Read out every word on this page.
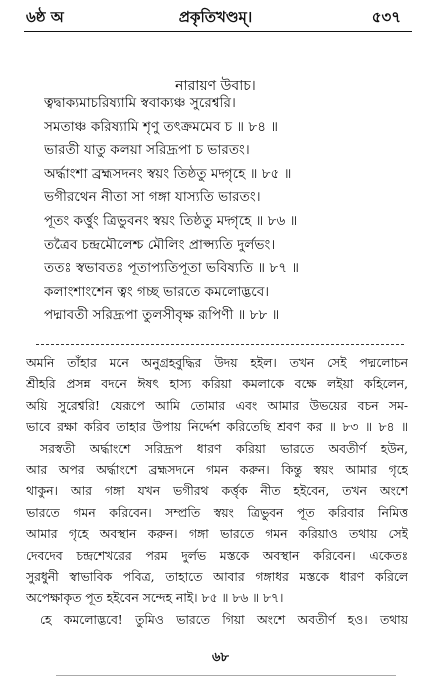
৬ষ্ঠ অ	প্রকৃতিখণ্ডম্।	৫৩৭
নারায়ণ উবাচ।
ত্বদ্বাক্যমাচরিষ্যামি স্ববাক্যঞ্চ সুরেশ্বরি।
সমতাঞ্চ করিষ্যামি শৃণু তৎক্রমমেব চ ॥ ৮৪ ॥
ভারতী যাতু কলয়া সরিদ্রূপা চ ভারতং।
অর্দ্ধাংশা ব্রহ্মসদনং স্বয়ং তিষ্ঠতু মদ্গৃহে ॥ ৮৫ ॥
ভগীরথেন নীতা সা গঙ্গা যাস্যতি ভারতং।
পূতং কর্ত্তুং ত্রিভুবনং স্বয়ং তিষ্ঠতু মদ্গৃহে ॥ ৮৬ ॥
তত্রৈব চন্দ্রমৌলেশ্চ মৌলিং প্রাপ্স্যতি দুর্লভং।
ততঃ স্বভাবতঃ পূতাপ্যতিপূতা ভবিষ্যতি ॥ ৮৭ ॥
কলাংশাংশেন ত্বং গচ্ছ ভারতে কমলোদ্ভবে।
পদ্মাবতী সরিদ্রূপা তুলসীবৃক্ষ রূপিণী ॥ ৮৮ ॥
অমনি তাঁহার মনে অনুগ্রহবুদ্ধির উদয় হইল। তখন সেই পদ্মলোচন
শ্রীহরি প্রসন্ন বদনে ঈষৎ হাস্য করিয়া কমলাকে বক্ষে লইয়া কহিলেন,
অয়ি সুরেশ্বরি! যেরূপে আমি তোমার এবং আমার উভয়ের বচন সম-
ভাবে রক্ষা করিব তাহার উপায় নির্দ্দেশ করিতেছি শ্রবণ কর ॥ ৮৩ ॥ ৮৪ ॥
সরস্বতী অর্দ্ধাংশে সরিদ্রূপ ধারণ করিয়া ভারতে অবতীর্ণ হউন,
আর অপর অর্দ্ধাংশে ব্রহ্মসদনে গমন করুন। কিন্তু স্বয়ং আমার গৃহে
থাকুন। আর গঙ্গা যখন ভগীরথ কর্ত্তৃক নীত হইবেন, তখন অংশে
ভারতে গমন করিবেন। সম্প্রতি স্বয়ং ত্রিভুবন পূত করিবার নিমিত্ত
আমার গৃহে অবস্থান করুন। গঙ্গা ভারতে গমন করিয়াও তথায় সেই
দেবদেব চন্দ্রশেখরের পরম দুর্লভ মস্তকে অবস্থান করিবেন। একেতঃ
সুরধুনী স্বাভাবিক পবিত্র, তাহাতে আবার গঙ্গাধর মস্তকে ধারণ করিলে
অপেক্ষাকৃত পূত হইবেন সন্দেহ নাই। ৮৫ ॥ ৮৬ ॥ ৮৭।
হে কমলোদ্ভবে! তুমিও ভারতে গিয়া অংশে অবতীর্ণ হও। তথায়
৬৮
